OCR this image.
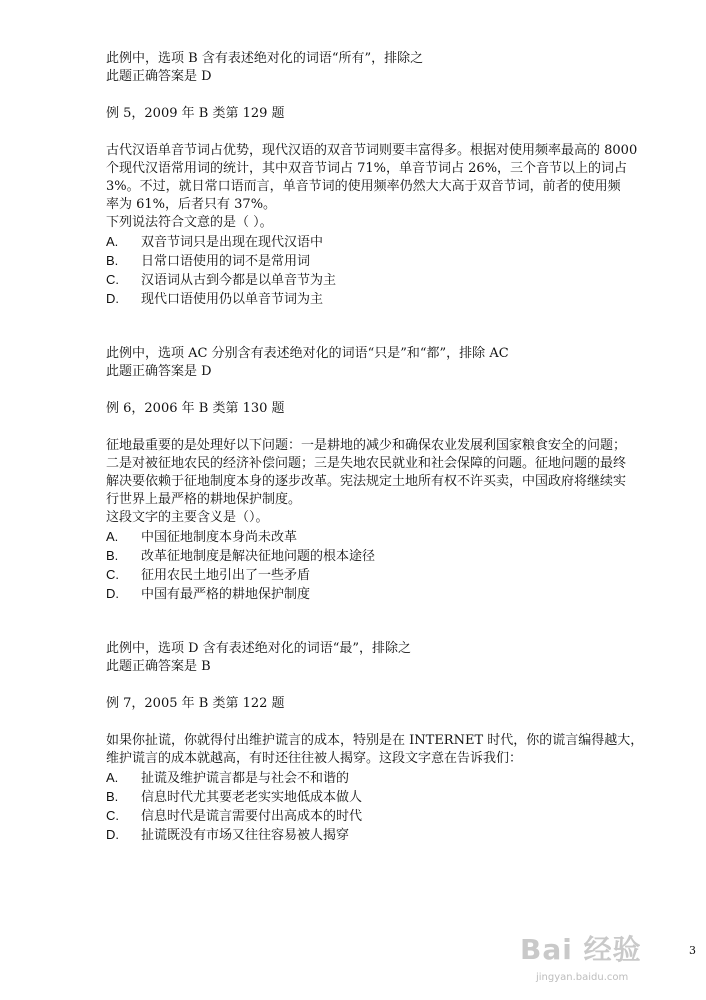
此例中，选项 B 含有表述绝对化的词语“所有”，排除之
此题正确答案是 D
例 5，2009 年 B 类第 129 题
古代汉语单音节词占优势，现代汉语的双音节词则要丰富得多。根据对使用频率最高的 8000
个现代汉语常用词的统计，其中双音节词占 71%，单音节词占 26%，三个音节以上的词占
3%。不过，就日常口语而言，单音节词的使用频率仍然大大高于双音节词，前者的使用频
率为 61%，后者只有 37%。
下列说法符合文意的是（ ）。
A. 双音节词只是出现在现代汉语中
B. 日常口语使用的词不是常用词
C. 汉语词从古到今都是以单音节为主
D. 现代口语使用仍以单音节词为主
此例中，选项 AC 分别含有表述绝对化的词语“只是”和“都”，排除 AC
此题正确答案是 D
例 6，2006 年 B 类第 130 题
征地最重要的是处理好以下问题：一是耕地的减少和确保农业发展利国家粮食安全的问题；
二是对被征地农民的经济补偿问题；三是失地农民就业和社会保障的问题。征地问题的最终
解决要依赖于征地制度本身的逐步改革。宪法规定土地所有权不许买卖，中国政府将继续实
行世界上最严格的耕地保护制度。
这段文字的主要含义是（）。
A. 中国征地制度本身尚未改革
B. 改革征地制度是解决征地问题的根本途径
C. 征用农民土地引出了一些矛盾
D. 中国有最严格的耕地保护制度
此例中，选项 D 含有表述绝对化的词语“最”，排除之
此题正确答案是 B
例 7，2005 年 B 类第 122 题
如果你扯谎，你就得付出维护谎言的成本，特别是在 INTERNET 时代，你的谎言编得越大，
维护谎言的成本就越高，有时还往往被人揭穿。这段文字意在告诉我们：
A. 扯谎及维护谎言都是与社会不和谐的
B. 信息时代尤其要老老实实地低成本做人
C. 信息时代是谎言需要付出高成本的时代
D. 扯谎既没有市场又往往容易被人揭穿
3
Bai 经验
jingyan.baidu.com
